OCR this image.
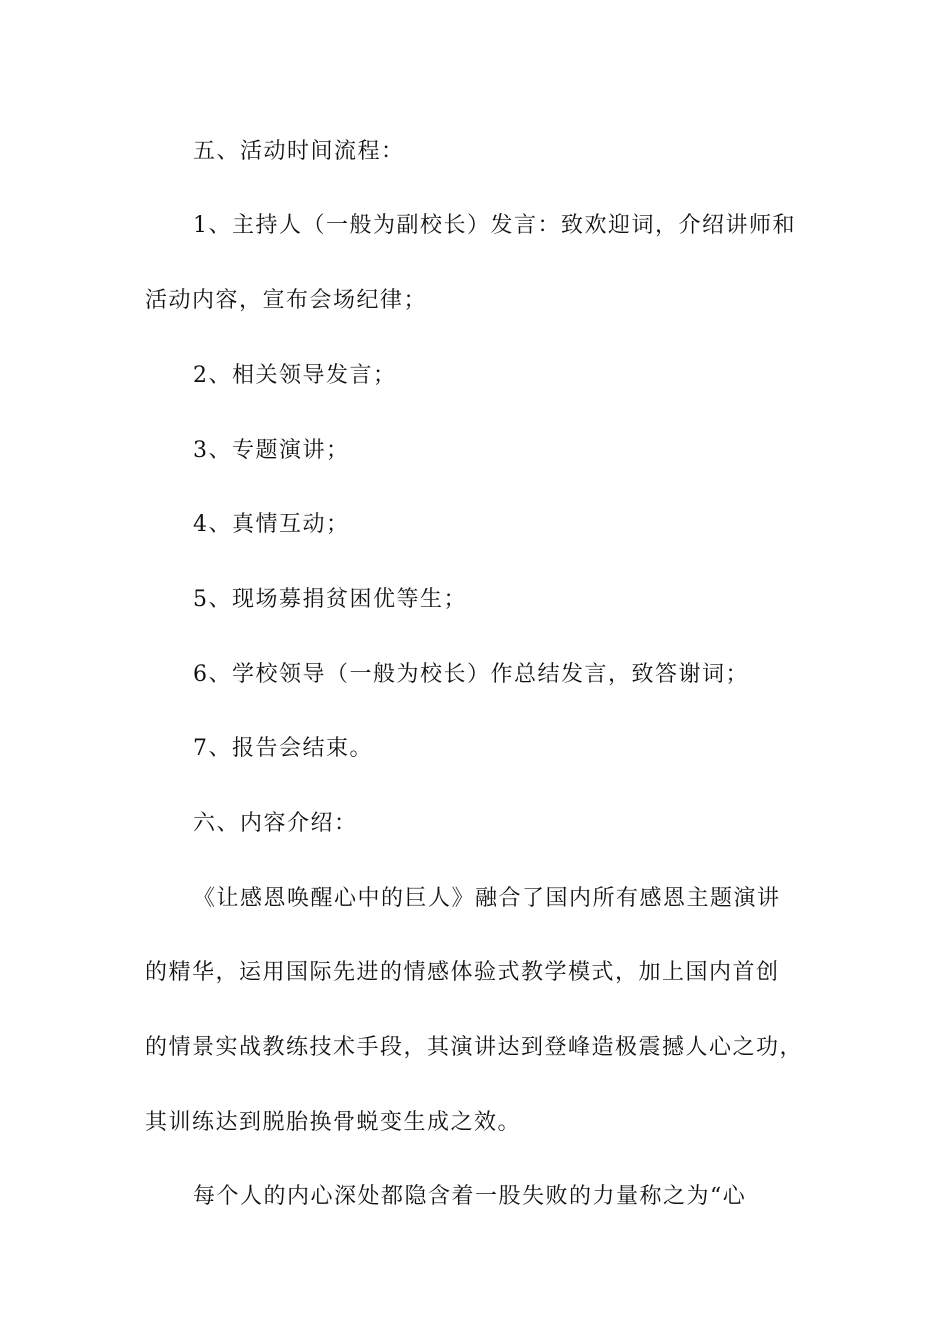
五、活动时间流程：
1、主持人（一般为副校长）发言：致欢迎词，介绍讲师和
活动内容，宣布会场纪律；
2、相关领导发言；
3、专题演讲；
4、真情互动；
5、现场募捐贫困优等生；
6、学校领导（一般为校长）作总结发言，致答谢词；
7、报告会结束。
六、内容介绍：
《让感恩唤醒心中的巨人》融合了国内所有感恩主题演讲
的精华，运用国际先进的情感体验式教学模式，加上国内首创
的情景实战教练技术手段，其演讲达到登峰造极震撼人心之功，
其训练达到脱胎换骨蜕变生成之效。
每个人的内心深处都隐含着一股失败的力量称之为“心
